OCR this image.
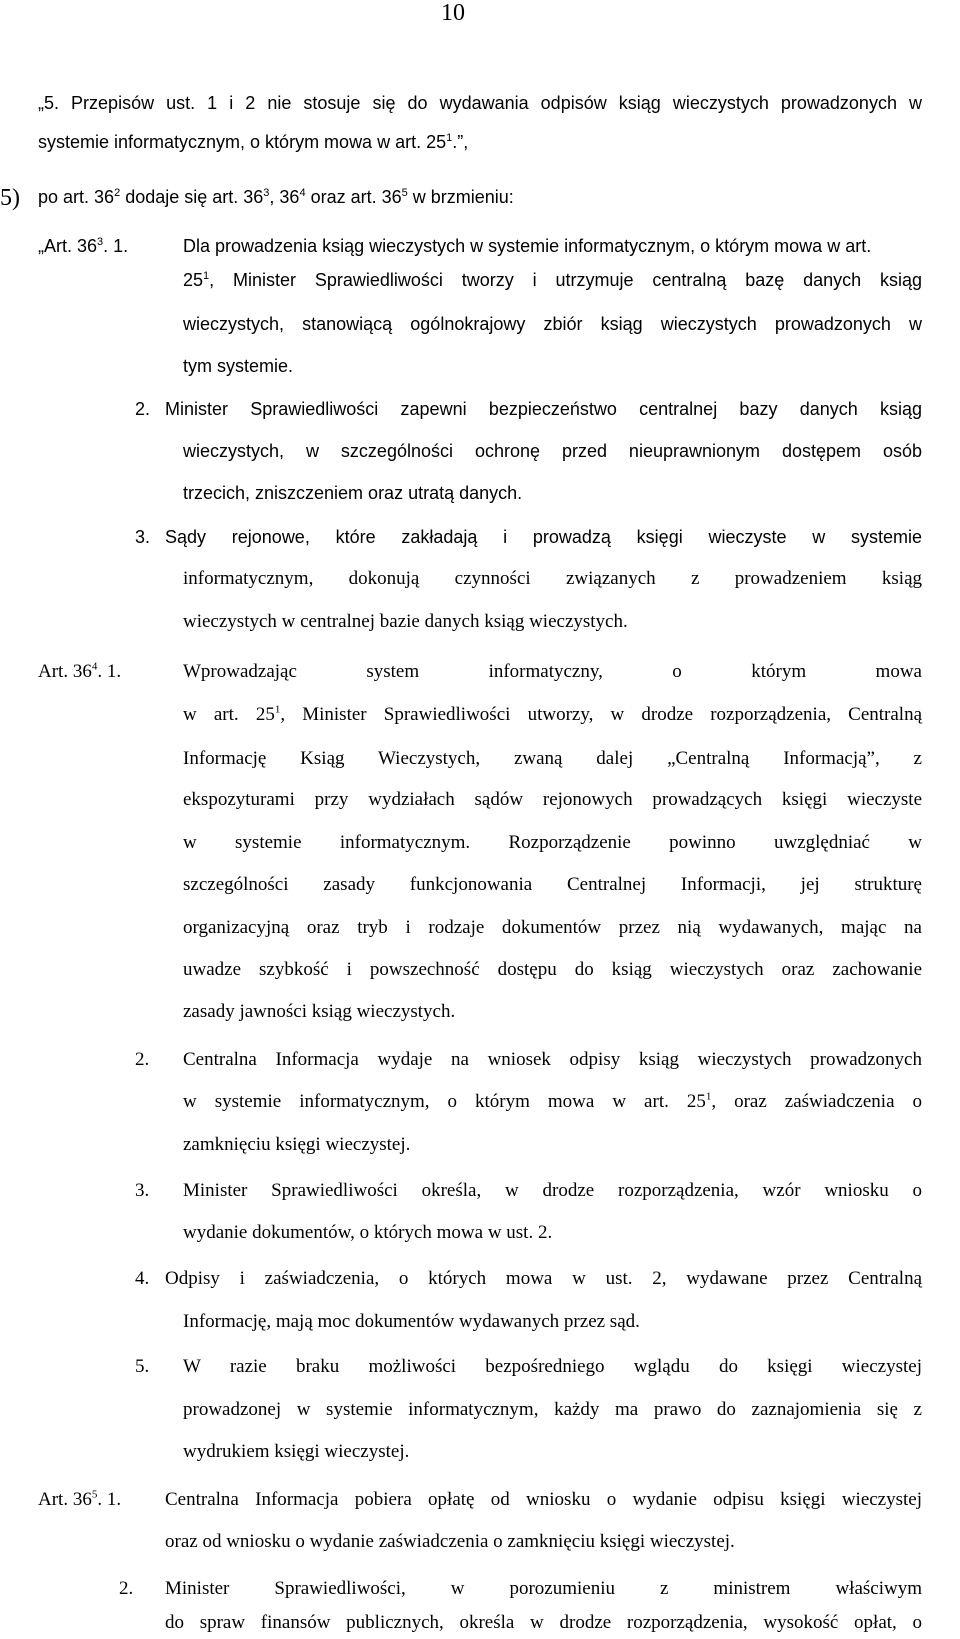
10
„5. Przepisów ust. 1 i 2 nie stosuje się do wydawania odpisów ksiąg wieczystych prowadzonych w
systemie informatycznym, o którym mowa w art. $25^1$.”,
5) po art. $36^2$ dodaje się art. $36^3$, $36^4$ oraz art. $36^5$ w brzmieniu:
„Art. $36^3$. 1.	Dla prowadzenia ksiąg wieczystych w systemie informatycznym, o którym mowa w art.
$25^1$, Minister Sprawiedliwości tworzy i utrzymuje centralną bazę danych ksiąg
wieczystych, stanowiącą ogólnokrajowy zbiór ksiąg wieczystych prowadzonych w
tym systemie.
2. Minister Sprawiedliwości zapewni bezpieczeństwo centralnej bazy danych ksiąg
wieczystych, w szczególności ochronę przed nieuprawnionym dostępem osób
trzecich, zniszczeniem oraz utratą danych.
3. Sądy rejonowe, które zakładają i prowadzą księgi wieczyste w systemie
informatycznym, dokonują czynności związanych z prowadzeniem ksiąg
wieczystych w centralnej bazie danych ksiąg wieczystych.
Art. $36^4$. 1.	Wprowadzając system informatyczny, o którym mowa
w art. $25^1$, Minister Sprawiedliwości utworzy, w drodze rozporządzenia, Centralną
Informację Ksiąg Wieczystych, zwaną dalej „Centralną Informacją”, z
ekspozyturami przy wydziałach sądów rejonowych prowadzących księgi wieczyste
w systemie informatycznym. Rozporządzenie powinno uwzględniać w
szczególności zasady funkcjonowania Centralnej Informacji, jej strukturę
organizacyjną oraz tryb i rodzaje dokumentów przez nią wydawanych, mając na
uwadze szybkość i powszechność dostępu do ksiąg wieczystych oraz zachowanie
zasady jawności ksiąg wieczystych.
2. Centralna Informacja wydaje na wniosek odpisy ksiąg wieczystych prowadzonych
w systemie informatycznym, o którym mowa w art. $25^1$, oraz zaświadczenia o
zamknięciu księgi wieczystej.
3. Minister Sprawiedliwości określa, w drodze rozporządzenia, wzór wniosku o
wydanie dokumentów, o których mowa w ust. 2.
4. Odpisy i zaświadczenia, o których mowa w ust. 2, wydawane przez Centralną
Informację, mają moc dokumentów wydawanych przez sąd.
5. W razie braku możliwości bezpośredniego wglądu do księgi wieczystej
prowadzonej w systemie informatycznym, każdy ma prawo do zaznajomienia się z
wydrukiem księgi wieczystej.
Art. $36^5$. 1. Centralna Informacja pobiera opłatę od wniosku o wydanie odpisu księgi wieczystej
oraz od wniosku o wydanie zaświadczenia o zamknięciu księgi wieczystej.
2. Minister Sprawiedliwości, w porozumieniu z ministrem właściwym
do spraw finansów publicznych, określa w drodze rozporządzenia, wysokość opłat, o
